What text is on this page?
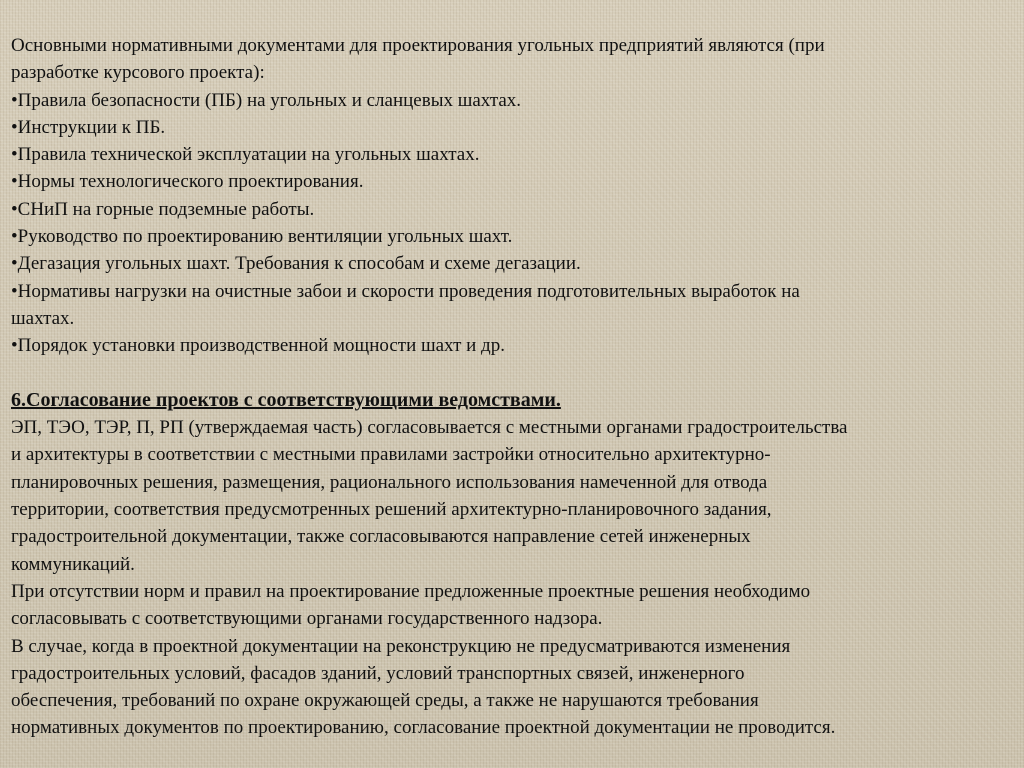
Основными нормативными документами для проектирования угольных предприятий являются (при
разработке курсового проекта):
•Правила безопасности (ПБ) на угольных и сланцевых шахтах.
•Инструкции к ПБ.
•Правила технической эксплуатации на угольных шахтах.
•Нормы технологического проектирования.
•СНиП на горные подземные работы.
•Руководство по проектированию вентиляции угольных шахт.
•Дегазация угольных шахт. Требования к способам и схеме дегазации.
•Нормативы нагрузки на очистные забои и скорости проведения подготовительных выработок на
шахтах.
•Порядок установки производственной мощности шахт и др.
6.Согласование проектов с соответствующими ведомствами.
ЭП, ТЭО, ТЭР, П, РП (утверждаемая часть) согласовывается с местными органами градостроительства
и архитектуры в соответствии с местными правилами застройки относительно архитектурно-
планировочных решения, размещения, рационального использования намеченной для отвода
территории, соответствия предусмотренных решений архитектурно-планировочного задания,
градостроительной документации, также согласовываются направление сетей инженерных
коммуникаций.
При отсутствии норм и правил на проектирование предложенные проектные решения необходимо
согласовывать с соответствующими органами государственного надзора.
В случае, когда в проектной документации на реконструкцию не предусматриваются изменения
градостроительных условий, фасадов зданий, условий транспортных связей, инженерного
обеспечения, требований по охране окружающей среды, а также не нарушаются требования
нормативных документов по проектированию, согласование проектной документации не проводится.
